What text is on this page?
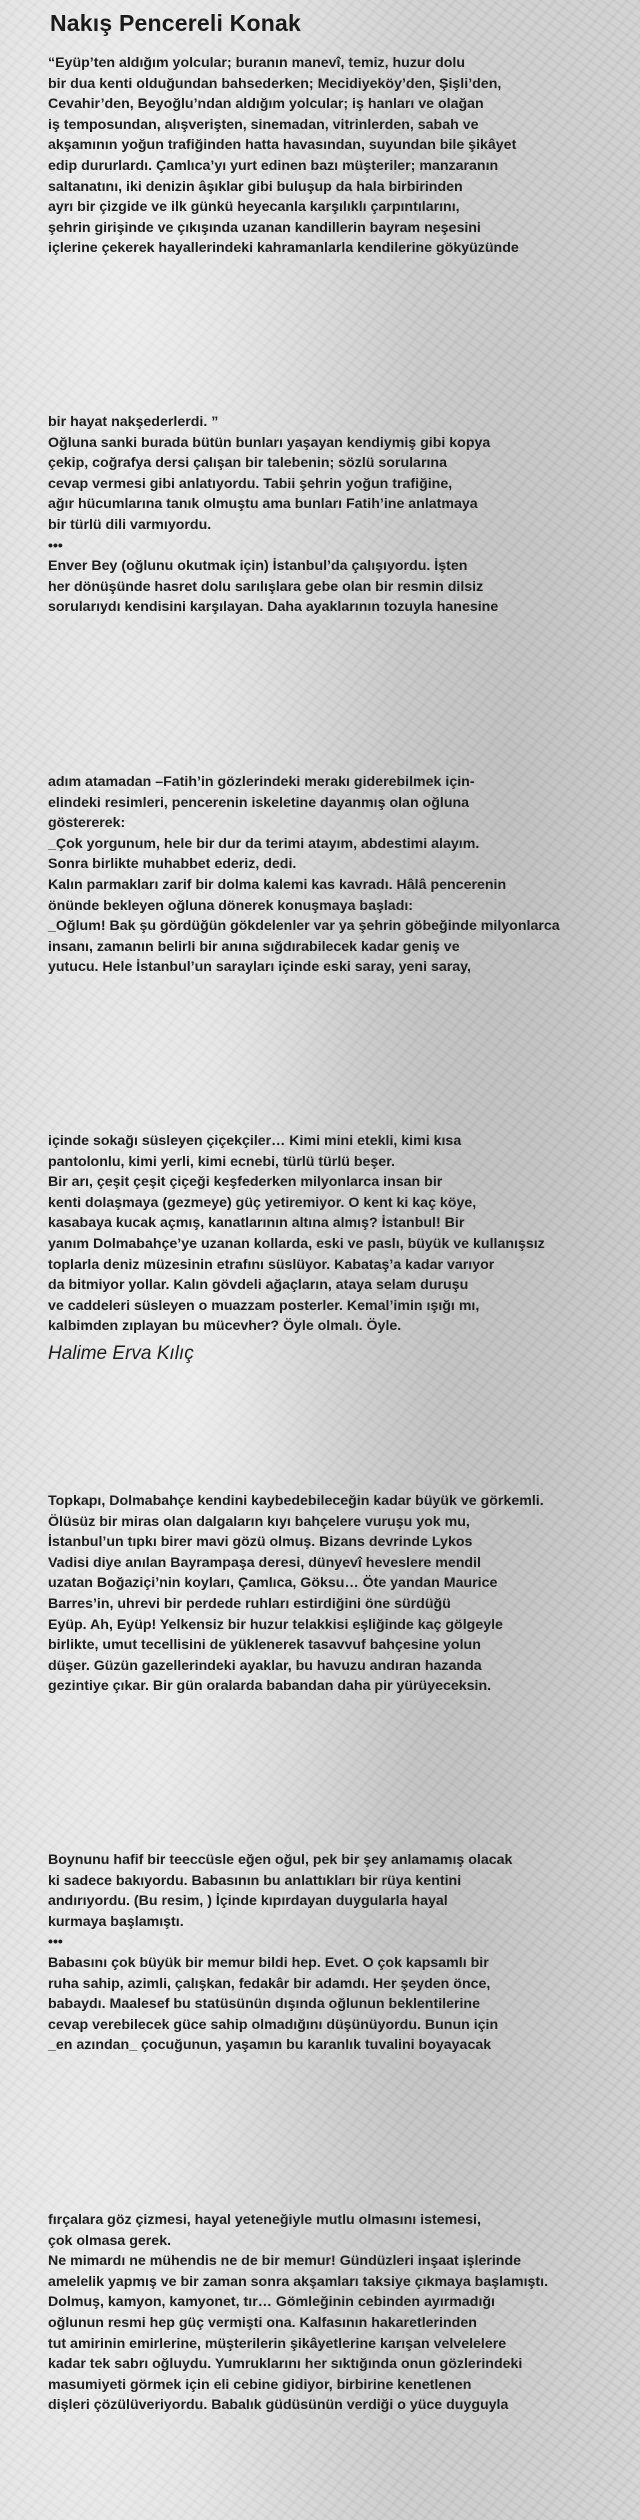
Nakış Pencereli Konak
“Eyüp’ten aldığım yolcular; buranın manevî, temiz, huzur dolu
bir dua kenti olduğundan bahsederken; Mecidiyeköy’den, Şişli’den,
Cevahir’den, Beyoğlu’ndan aldığım yolcular; iş hanları ve olağan
iş temposundan, alışverişten, sinemadan, vitrinlerden, sabah ve
akşamının yoğun trafiğinden hatta havasından, suyundan bile şikâyet
edip dururlardı. Çamlıca’yı yurt edinen bazı müşteriler; manzaranın
saltanatını, iki denizin âşıklar gibi buluşup da hala birbirinden
ayrı bir çizgide ve ilk günkü heyecanla karşılıklı çarpıntılarını,
şehrin girişinde ve çıkışında uzanan kandillerin bayram neşesini
içlerine çekerek hayallerindeki kahramanlarla kendilerine gökyüzünde
bir hayat nakşederlerdi. ”
Oğluna sanki burada bütün bunları yaşayan kendiymiş gibi kopya
çekip, coğrafya dersi çalışan bir talebenin; sözlü sorularına
cevap vermesi gibi anlatıyordu. Tabii şehrin yoğun trafiğine,
ağır hücumlarına tanık olmuştu ama bunları Fatih’ine anlatmaya
bir türlü dili varmıyordu.
•••
Enver Bey (oğlunu okutmak için) İstanbul’da çalışıyordu. İşten
her dönüşünde hasret dolu sarılışlara gebe olan bir resmin dilsiz
sorularıydı kendisini karşılayan. Daha ayaklarının tozuyla hanesine
adım atamadan –Fatih’in gözlerindeki merakı giderebilmek için-
elindeki resimleri, pencerenin iskeletine dayanmış olan oğluna
göstererek:
_Çok yorgunum, hele bir dur da terimi atayım, abdestimi alayım.
Sonra birlikte muhabbet ederiz, dedi.
Kalın parmakları zarif bir dolma kalemi kas kavradı. Hâlâ pencerenin
önünde bekleyen oğluna dönerek konuşmaya başladı:
_Oğlum! Bak şu gördüğün gökdelenler var ya şehrin göbeğinde milyonlarca
insanı, zamanın belirli bir anına sığdırabilecek kadar geniş ve
yutucu. Hele İstanbul’un sarayları içinde eski saray, yeni saray,
içinde sokağı süsleyen çiçekçiler… Kimi mini etekli, kimi kısa
pantolonlu, kimi yerli, kimi ecnebi, türlü türlü beşer.
Bir arı, çeşit çeşit çiçeği keşfederken milyonlarca insan bir
kenti dolaşmaya (gezmeye) güç yetiremiyor. O kent ki kaç köye,
kasabaya kucak açmış, kanatlarının altına almış? İstanbul! Bir
yanım Dolmabahçe’ye uzanan kollarda, eski ve paslı, büyük ve kullanışsız
toplarla deniz müzesinin etrafını süslüyor. Kabataş’a kadar varıyor
da bitmiyor yollar. Kalın gövdeli ağaçların, ataya selam duruşu
ve caddeleri süsleyen o muazzam posterler. Kemal’imin ışığı mı,
kalbimden zıplayan bu mücevher? Öyle olmalı. Öyle.
Halime Erva Kılıç
Topkapı, Dolmabahçe kendini kaybedebileceğin kadar büyük ve görkemli.
Ölüsüz bir miras olan dalgaların kıyı bahçelere vuruşu yok mu,
İstanbul’un tıpkı birer mavi gözü olmuş. Bizans devrinde Lykos
Vadisi diye anılan Bayrampaşa deresi, dünyevî heveslere mendil
uzatan Boğaziçi’nin koyları, Çamlıca, Göksu… Öte yandan Maurice
Barres’in, uhrevi bir perdede ruhları estirdiğini öne sürdüğü
Eyüp. Ah, Eyüp! Yelkensiz bir huzur telakkisi eşliğinde kaç gölgeyle
birlikte, umut tecellisini de yüklenerek tasavvuf bahçesine yolun
düşer. Güzün gazellerindeki ayaklar, bu havuzu andıran hazanda
gezintiye çıkar. Bir gün oralarda babandan daha pir yürüyeceksin.
Boynunu hafif bir teeccüsle eğen oğul, pek bir şey anlamamış olacak
ki sadece bakıyordu. Babasının bu anlattıkları bir rüya kentini
andırıyordu. (Bu resim, ) İçinde kıpırdayan duygularla hayal
kurmaya başlamıştı.
•••
Babasını çok büyük bir memur bildi hep. Evet. O çok kapsamlı bir
ruha sahip, azimli, çalışkan, fedakâr bir adamdı. Her şeyden önce,
babaydı. Maalesef bu statüsünün dışında oğlunun beklentilerine
cevap verebilecek güce sahip olmadığını düşünüyordu. Bunun için
_en azından_ çocuğunun, yaşamın bu karanlık tuvalini boyayacak
fırçalara göz çizmesi, hayal yeteneğiyle mutlu olmasını istemesi,
çok olmasa gerek.
Ne mimardı ne mühendis ne de bir memur! Gündüzleri inşaat işlerinde
amelelik yapmış ve bir zaman sonra akşamları taksiye çıkmaya başlamıştı.
Dolmuş, kamyon, kamyonet, tır… Gömleğinin cebinden ayırmadığı
oğlunun resmi hep güç vermişti ona. Kalfasının hakaretlerinden
tut amirinin emirlerine, müşterilerin şikâyetlerine karışan velvelelere
kadar tek sabrı oğluydu. Yumruklarını her sıktığında onun gözlerindeki
masumiyeti görmek için eli cebine gidiyor, birbirine kenetlenen
dişleri çözülüveriyordu. Babalık güdüsünün verdiği o yüce duyguyla
